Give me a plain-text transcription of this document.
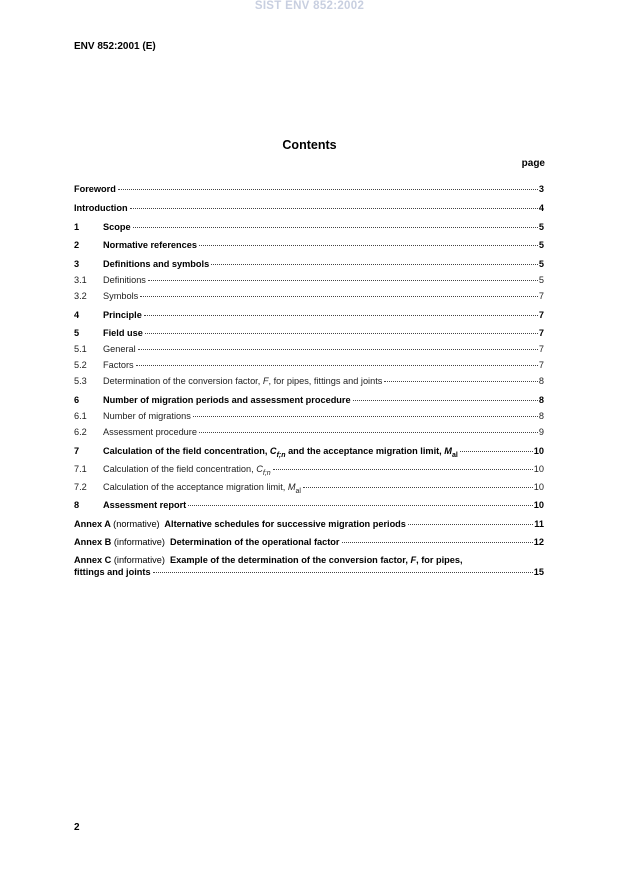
SIST ENV 852:2002
ENV 852:2001 (E)
Contents
page
Foreword	3
Introduction	4
1	Scope	5
2	Normative references	5
3	Definitions and symbols	5
3.1	Definitions	5
3.2	Symbols	7
4	Principle	7
5	Field use	7
5.1	General	7
5.2	Factors	7
5.3	Determination of the conversion factor, F, for pipes, fittings and joints	8
6	Number of migration periods and assessment procedure	8
6.1	Number of migrations	8
6.2	Assessment procedure	9
7	Calculation of the field concentration, $C_{f;n}$ and the acceptance migration limit, $M_{al}$	10
7.1	Calculation of the field concentration, $C_{f;n}$	10
7.2	Calculation of the acceptance migration limit, $M_{al}$	10
8	Assessment report	10
Annex A (normative) Alternative schedules for successive migration periods	11
Annex B (informative) Determination of the operational factor	12
Annex C (informative) Example of the determination of the conversion factor, F, for pipes,
fittings and joints	15
2
